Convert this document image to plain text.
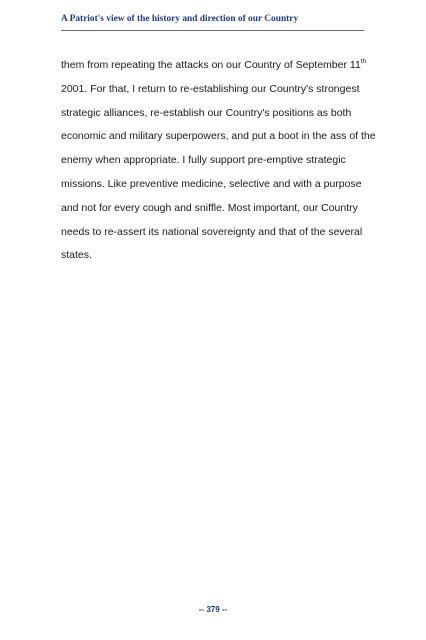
A Patriot's view of the history and direction of our Country
them from repeating the attacks on our Country of September 11th
2001. For that, I return to re-establishing our Country's strongest
strategic alliances, re-establish our Country's positions as both
economic and military superpowers, and put a boot in the ass of the
enemy when appropriate. I fully support pre-emptive strategic
missions. Like preventive medicine, selective and with a purpose
and not for every cough and sniffle. Most important, our Country
needs to re-assert its national sovereignty and that of the several
states.
-- 379 --
